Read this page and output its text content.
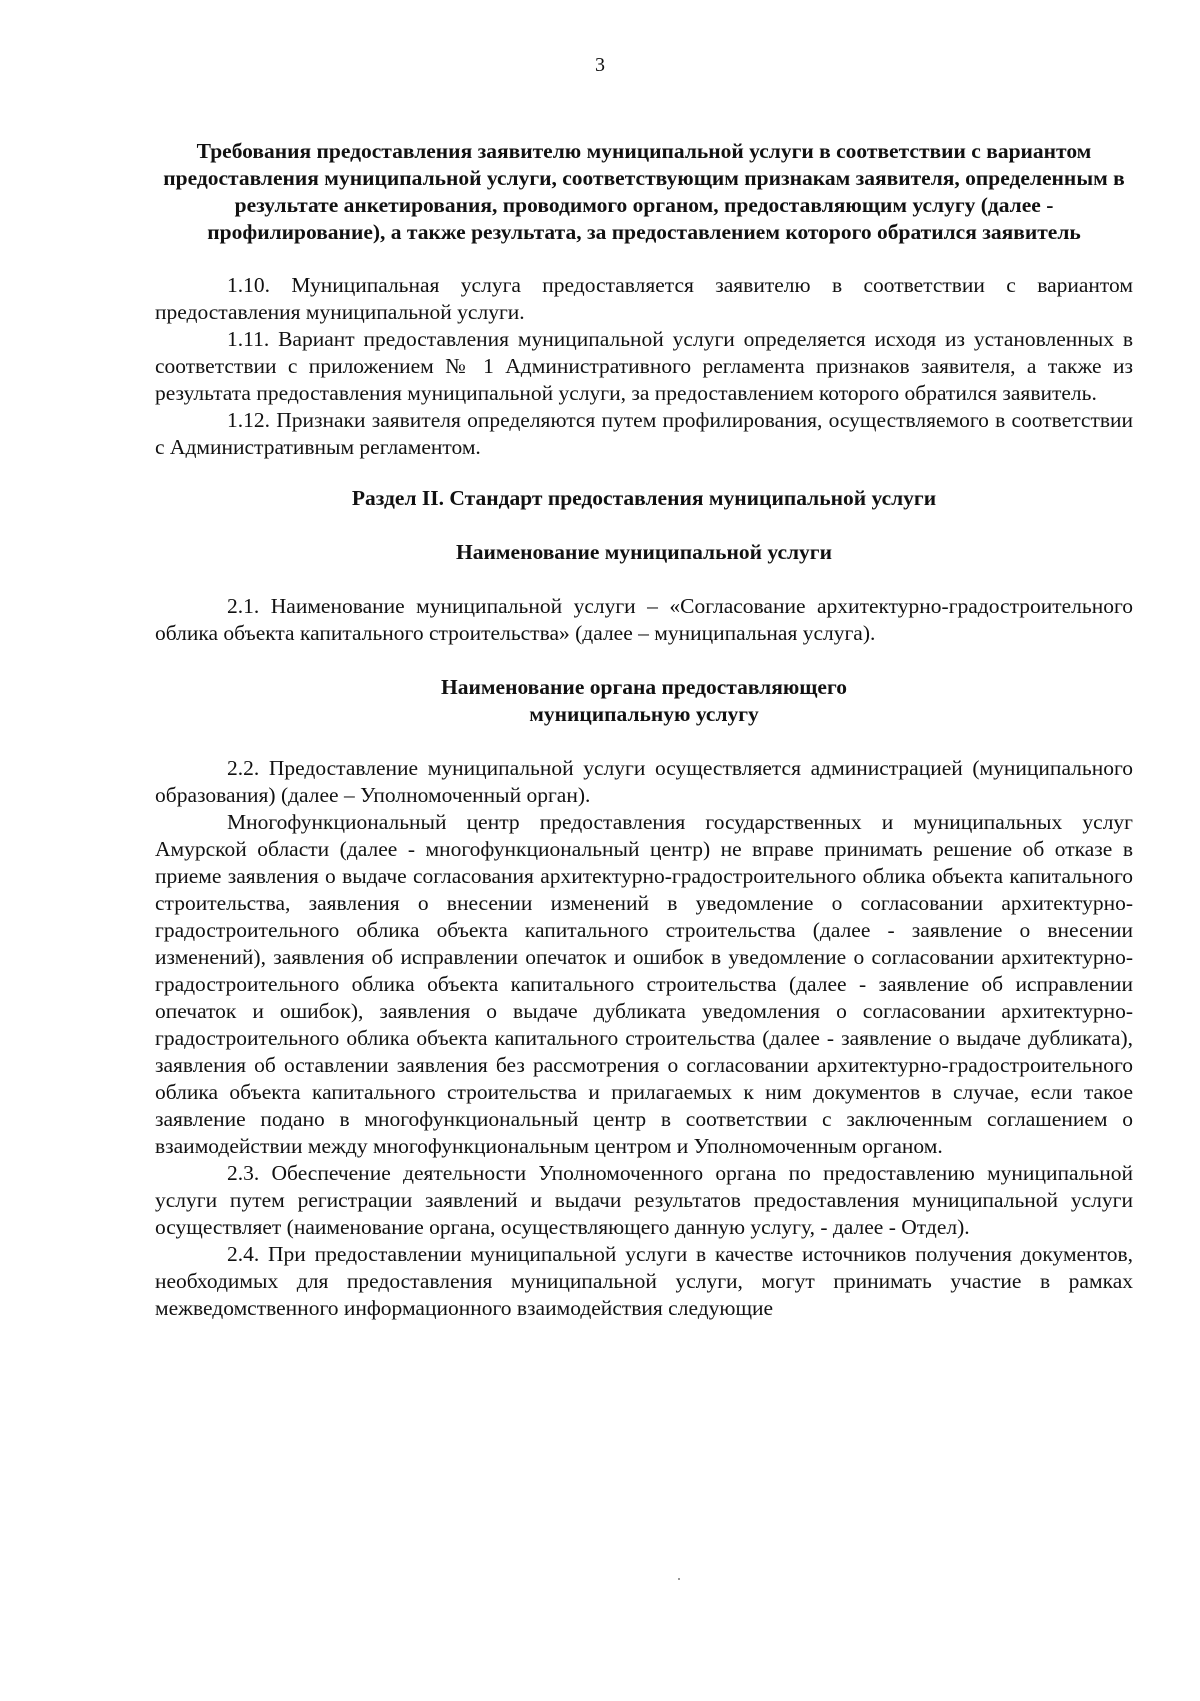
3

Требования предоставления заявителю муниципальной услуги в соответствии с вариантом предоставления муниципальной услуги, соответствующим признакам заявителя, определенным в результате анкетирования, проводимого органом, предоставляющим услугу (далее - профилирование), а также результата, за предоставлением которого обратился заявитель

1.10. Муниципальная услуга предоставляется заявителю в соответствии с вариантом предоставления муниципальной услуги.

1.11. Вариант предоставления муниципальной услуги определяется исходя из установленных в соответствии с приложением № 1 Административного регламента признаков заявителя, а также из результата предоставления муниципальной услуги, за предоставлением которого обратился заявитель.

1.12. Признаки заявителя определяются путем профилирования, осуществляемого в соответствии с Административным регламентом.

Раздел II. Стандарт предоставления муниципальной услуги

Наименование муниципальной услуги

2.1. Наименование муниципальной услуги – «Согласование архитектурно-градостроительного облика объекта капитального строительства» (далее – муниципальная услуга).

Наименование органа предоставляющего
муниципальную услугу

2.2. Предоставление муниципальной услуги осуществляется администрацией (муниципального образования) (далее – Уполномоченный орган).

Многофункциональный центр предоставления государственных и муниципальных услуг Амурской области (далее - многофункциональный центр) не вправе принимать решение об отказе в приеме заявления о выдаче согласования архитектурно-градостроительного облика объекта капитального строительства, заявления о внесении изменений в уведомление о согласовании архитектурно-градостроительного облика объекта капитального строительства (далее - заявление о внесении изменений), заявления об исправлении опечаток и ошибок в уведомление о согласовании архитектурно-градостроительного облика объекта капитального строительства (далее - заявление об исправлении опечаток и ошибок), заявления о выдаче дубликата уведомления о согласовании архитектурно-градостроительного облика объекта капитального строительства (далее - заявление о выдаче дубликата), заявления об оставлении заявления без рассмотрения о согласовании архитектурно-градостроительного облика объекта капитального строительства и прилагаемых к ним документов в случае, если такое заявление подано в многофункциональный центр в соответствии с заключенным соглашением о взаимодействии между многофункциональным центром и Уполномоченным органом.

2.3. Обеспечение деятельности Уполномоченного органа по предоставлению муниципальной услуги путем регистрации заявлений и выдачи результатов предоставления муниципальной услуги осуществляет (наименование органа, осуществляющего данную услугу, - далее - Отдел).

2.4. При предоставлении муниципальной услуги в качестве источников получения документов, необходимых для предоставления муниципальной услуги, могут принимать участие в рамках межведомственного информационного взаимодействия следующие
